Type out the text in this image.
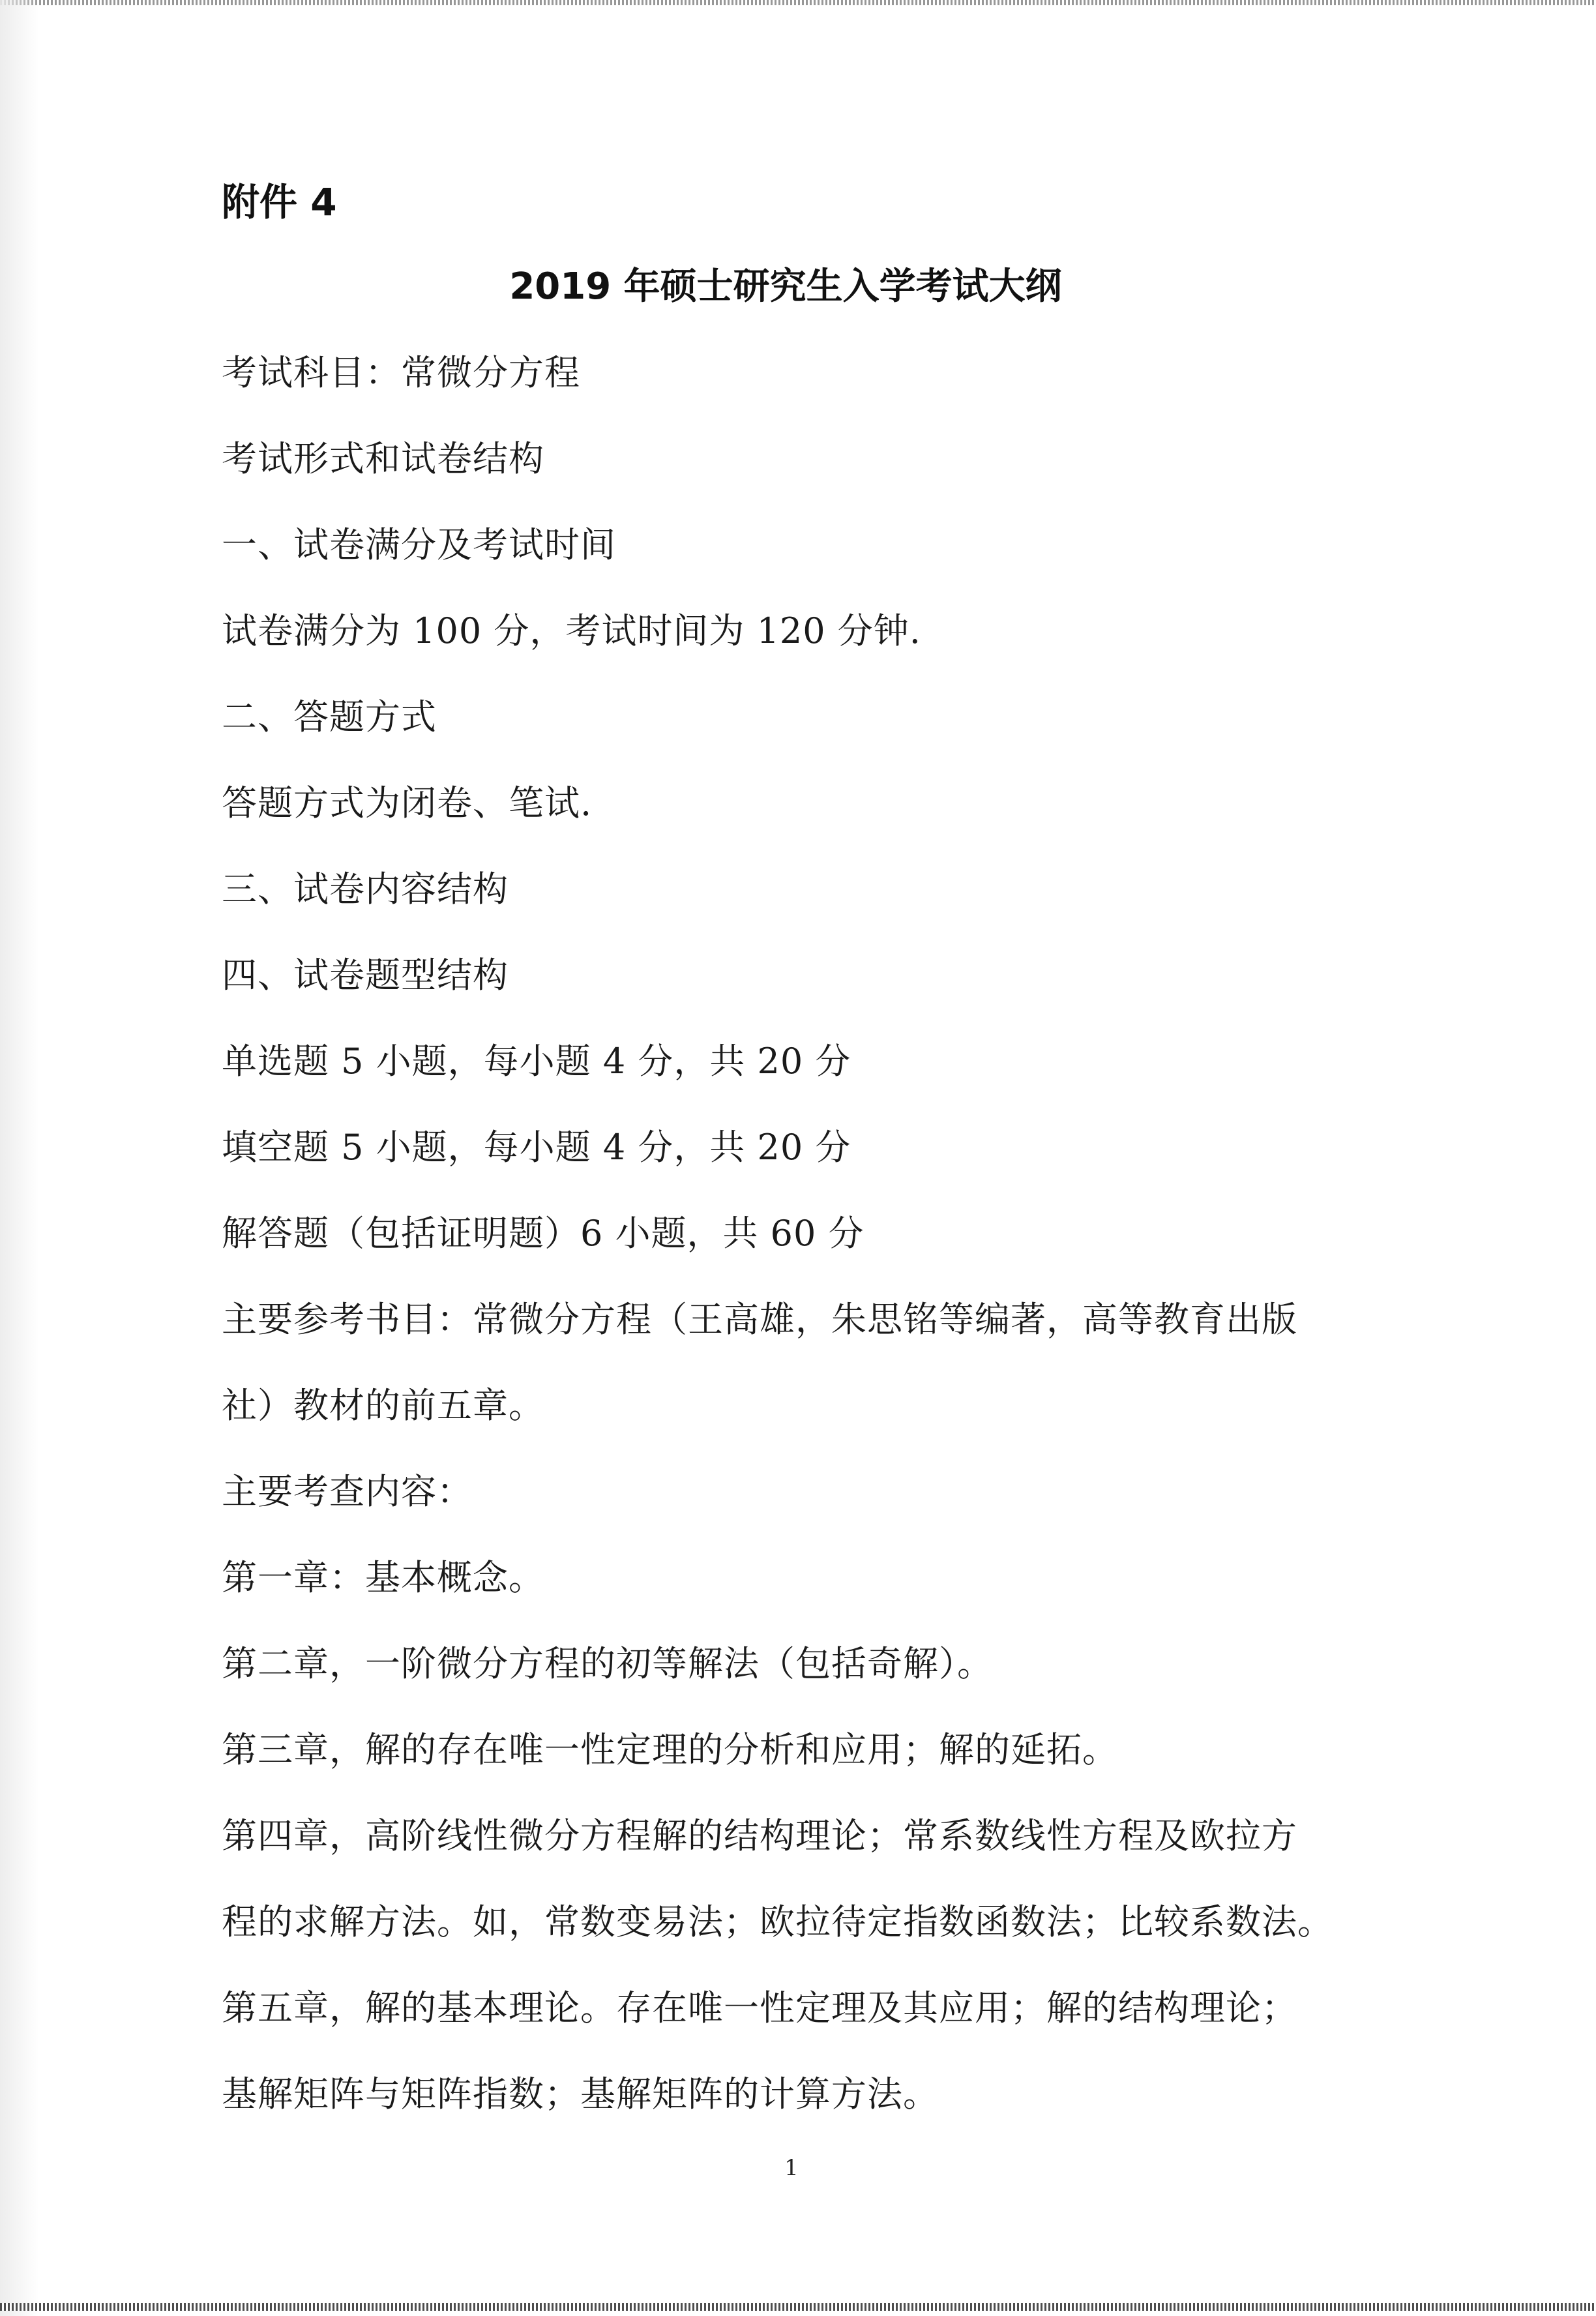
附件 4
2019 年硕士研究生入学考试大纲
考试科目：常微分方程
考试形式和试卷结构
一、试卷满分及考试时间
试卷满分为 100 分，考试时间为 120 分钟.
二、答题方式
答题方式为闭卷、笔试.
三、试卷内容结构
四、试卷题型结构
单选题 5 小题，每小题 4 分，共 20 分
填空题 5 小题，每小题 4 分，共 20 分
解答题（包括证明题）6 小题，共 60 分
主要参考书目：常微分方程（王高雄，朱思铭等编著，高等教育出版
社）教材的前五章。
主要考查内容：
第一章：基本概念。
第二章，一阶微分方程的初等解法（包括奇解）。
第三章，解的存在唯一性定理的分析和应用；解的延拓。
第四章，高阶线性微分方程解的结构理论；常系数线性方程及欧拉方
程的求解方法。如，常数变易法；欧拉待定指数函数法；比较系数法。
第五章，解的基本理论。存在唯一性定理及其应用；解的结构理论；
基解矩阵与矩阵指数；基解矩阵的计算方法。
1
